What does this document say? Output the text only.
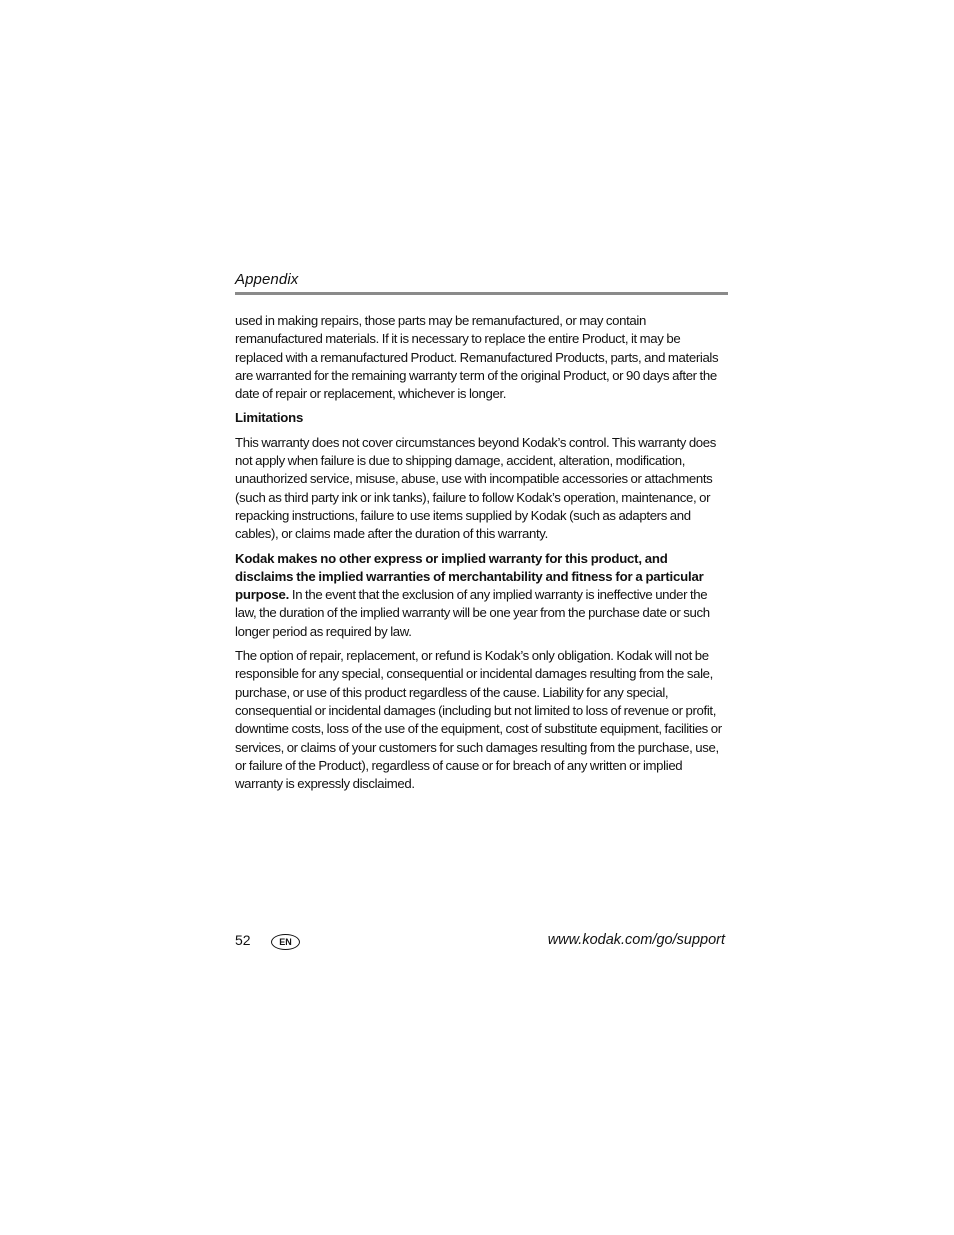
Appendix

used in making repairs, those parts may be remanufactured, or may contain remanufactured materials. If it is necessary to replace the entire Product, it may be replaced with a remanufactured Product. Remanufactured Products, parts, and materials are warranted for the remaining warranty term of the original Product, or 90 days after the date of repair or replacement, whichever is longer.

Limitations

This warranty does not cover circumstances beyond Kodak’s control. This warranty does not apply when failure is due to shipping damage, accident, alteration, modification, unauthorized service, misuse, abuse, use with incompatible accessories or attachments (such as third party ink or ink tanks), failure to follow Kodak’s operation, maintenance, or repacking instructions, failure to use items supplied by Kodak (such as adapters and cables), or claims made after the duration of this warranty.

Kodak makes no other express or implied warranty for this product, and disclaims the implied warranties of merchantability and fitness for a particular purpose. In the event that the exclusion of any implied warranty is ineffective under the law, the duration of the implied warranty will be one year from the purchase date or such longer period as required by law.

The option of repair, replacement, or refund is Kodak’s only obligation. Kodak will not be responsible for any special, consequential or incidental damages resulting from the sale, purchase, or use of this product regardless of the cause. Liability for any special, consequential or incidental damages (including but not limited to loss of revenue or profit, downtime costs, loss of the use of the equipment, cost of substitute equipment, facilities or services, or claims of your customers for such damages resulting from the purchase, use, or failure of the Product), regardless of cause or for breach of any written or implied warranty is expressly disclaimed.

52	EN	www.kodak.com/go/support
